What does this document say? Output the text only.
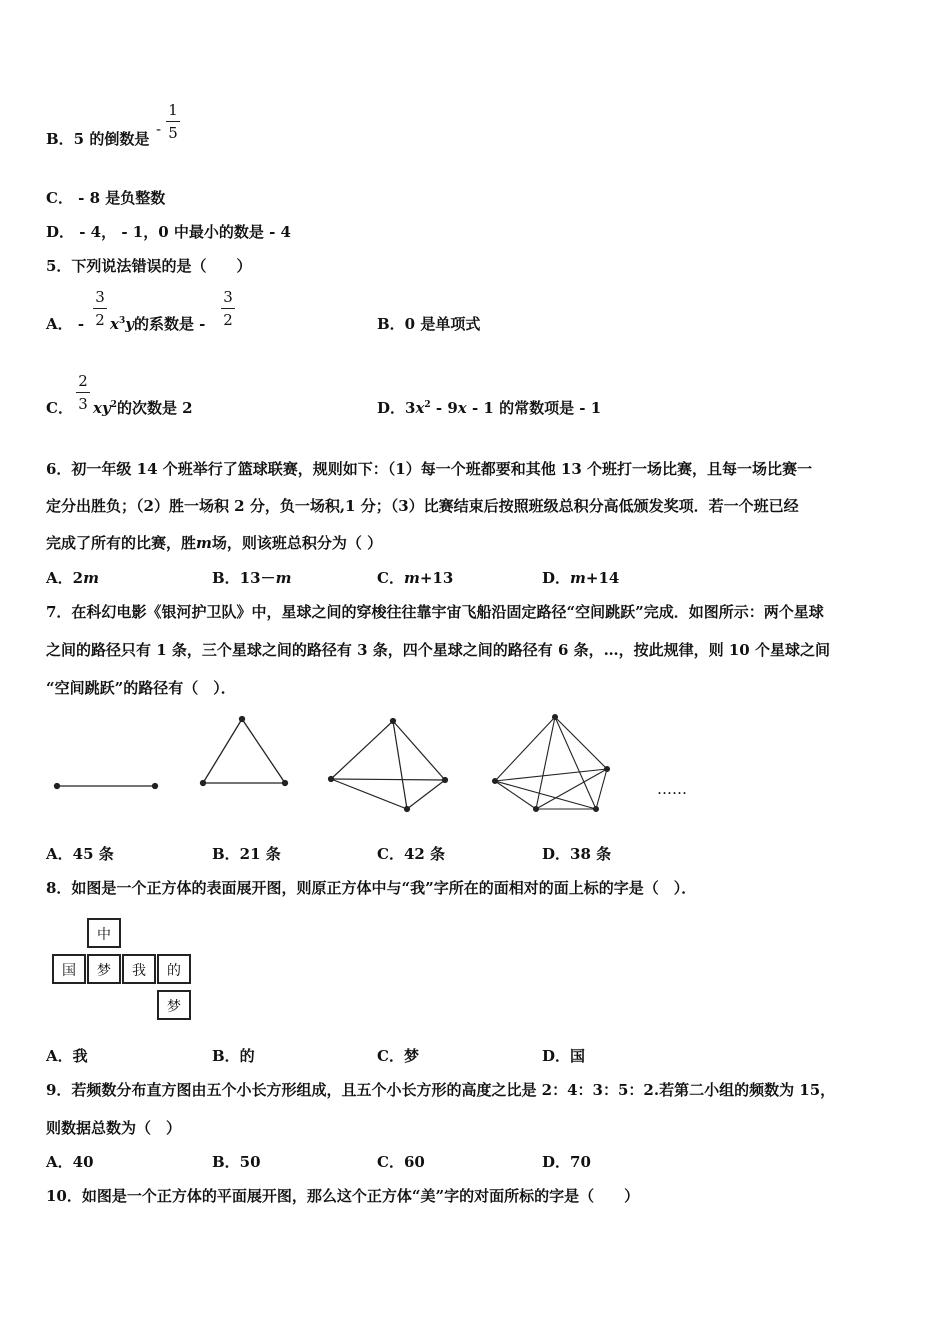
B．5 的倒数是
-
1
5
C． - 8 是负整数
D． - 4， - 1，0 中最小的数是 - 4
5．下列说法错误的是（　　）
A． -
3
2 $x^3y$的系数是 -
3
2	B．0 是单项式
C．
2
3 $xy^2$的次数是 2	D．$3x^2 - 9x - 1$ 的常数项是 - 1
6．初一年级 14 个班举行了篮球联赛，规则如下：（1）每一个班都要和其他 13 个班打一场比赛，且每一场比赛一
定分出胜负；（2）胜一场积 2 分，负一场积,1 分；（3）比赛结束后按照班级总积分高低颁发奖项．若一个班已经
完成了所有的比赛，胜m场，则该班总积分为（ ）
A．2m	B．13－m	C．m+13	D．m+14
7．在科幻电影《银河护卫队》中，星球之间的穿梭往往靠宇宙飞船沿固定路径“空间跳跃”完成．如图所示：两个星球
之间的路径只有 1 条，三个星球之间的路径有 3 条，四个星球之间的路径有 6 条，…，按此规律，则 10 个星球之间
“空间跳跃”的路径有（　）．
……
A．45 条	B．21 条	C．42 条	D．38 条
8．如图是一个正方体的表面展开图，则原正方体中与“我”字所在的面相对的面上标的字是（　）．
中
国	梦	我	的
梦
A．我	B．的	C．梦	D．国
9．若频数分布直方图由五个小长方形组成，且五个小长方形的高度之比是 2：4：3：5：2.若第二小组的频数为 15，
则数据总数为（　）
A．40	B．50	C．60	D．70
10．如图是一个正方体的平面展开图，那么这个正方体“美”字的对面所标的字是（　　）
